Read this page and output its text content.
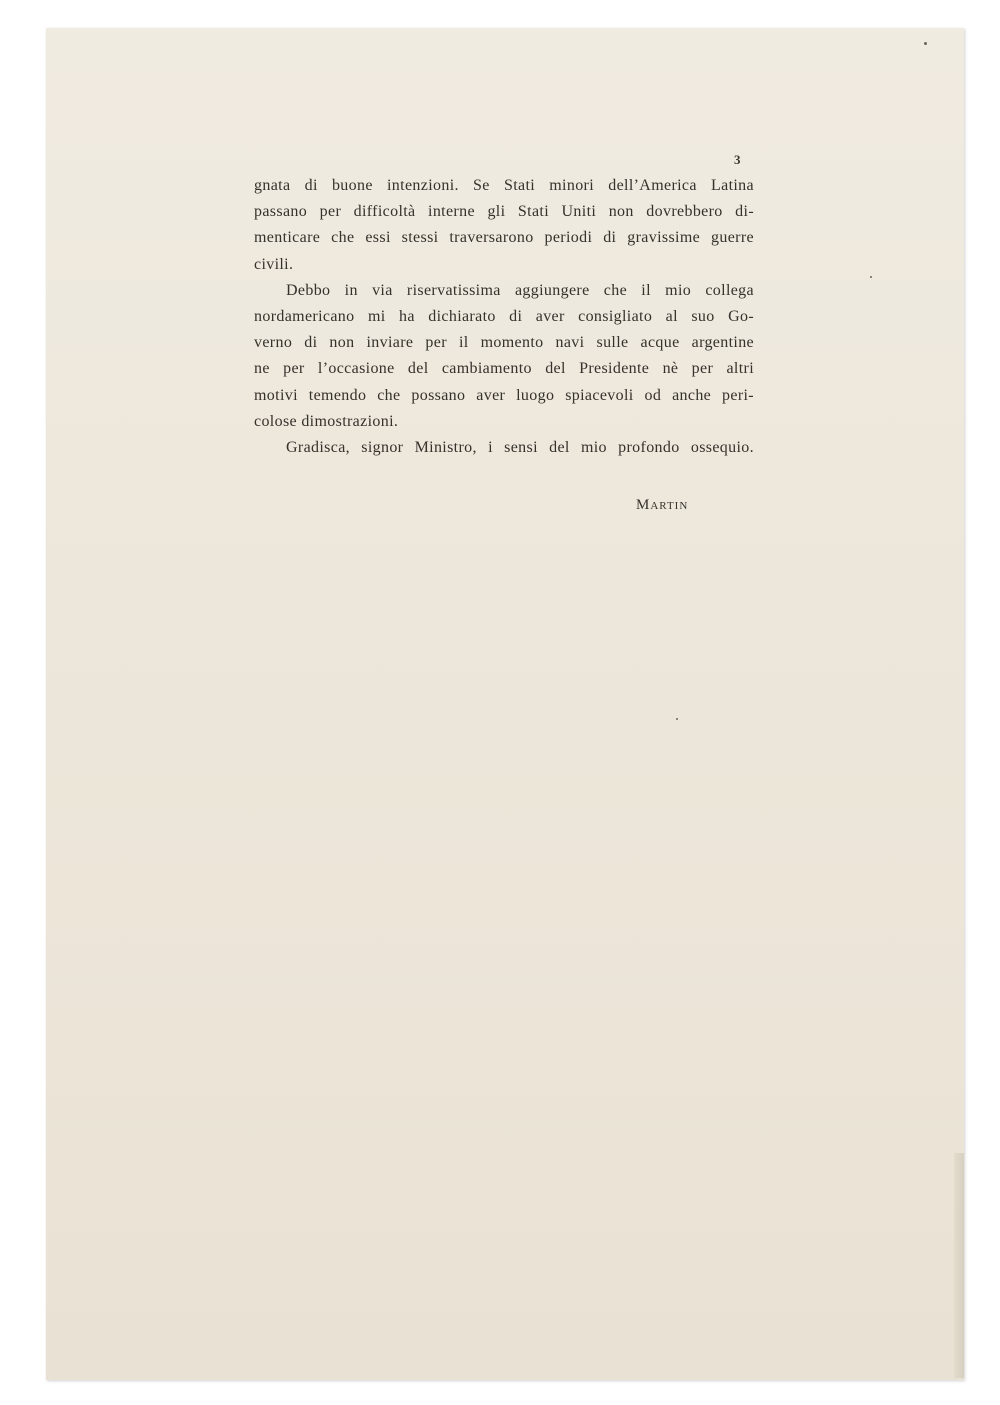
3
gnata di buone intenzioni. Se Stati minori dell’America Latina
passano per difficoltà interne gli Stati Uniti non dovrebbero di-
menticare che essi stessi traversarono periodi di gravissime guerre
civili.
Debbo in via riservatissima aggiungere che il mio collega
nordamericano mi ha dichiarato di aver consigliato al suo Go-
verno di non inviare per il momento navi sulle acque argentine
ne per l’occasione del cambiamento del Presidente nè per altri
motivi temendo che possano aver luogo spiacevoli od anche peri-
colose dimostrazioni.
Gradisca, signor Ministro, i sensi del mio profondo ossequio.
Martin
